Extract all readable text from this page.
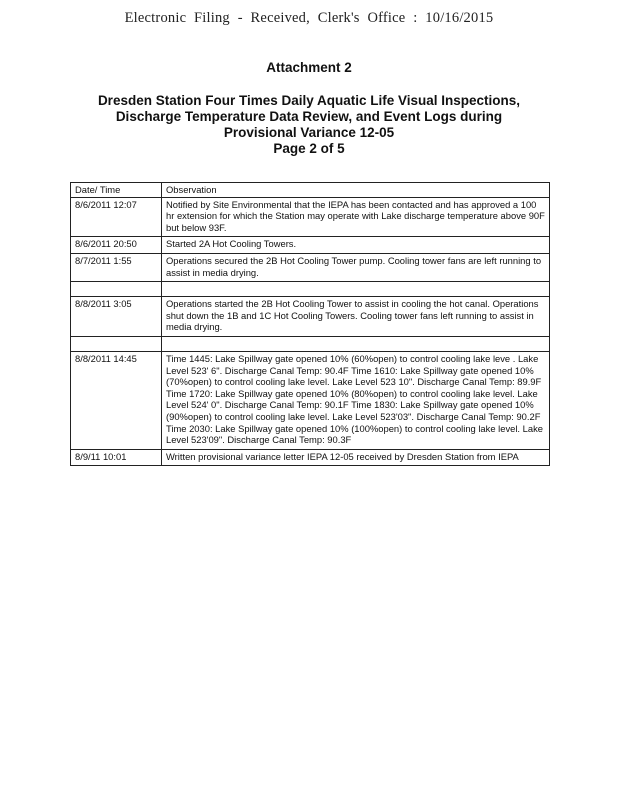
Electronic Filing - Received, Clerk's Office : 10/16/2015
Attachment 2
Dresden Station Four Times Daily Aquatic Life Visual Inspections,
Discharge Temperature Data Review, and Event Logs during
Provisional Variance 12-05
Page 2 of 5
Date/ Time	Observation
8/6/2011 12:07	Notified by Site Environmental that the IEPA has been contacted and has approved a 100 hr extension for which the Station may operate with Lake discharge temperature above 90F but below 93F.
8/6/2011 20:50	Started 2A Hot Cooling Towers.
8/7/2011 1:55	Operations secured the 2B Hot Cooling Tower pump. Cooling tower fans are left running to assist in media drying.

8/8/2011 3:05	Operations started the 2B Hot Cooling Tower to assist in cooling the hot canal. Operations shut down the 1B and 1C Hot Cooling Towers. Cooling tower fans left running to assist in media drying.

8/8/2011 14:45	Time 1445: Lake Spillway gate opened 10% (60%open) to control cooling lake leve . Lake Level 523' 6". Discharge Canal Temp: 90.4F Time 1610: Lake Spillway gate opened 10% (70%open) to control cooling lake level. Lake Level 523 10". Discharge Canal Temp: 89.9F Time 1720: Lake Spillway gate opened 10% (80%open) to control cooling lake level. Lake Level 524' 0". Discharge Canal Temp: 90.1F Time 1830: Lake Spillway gate opened 10% (90%open) to control cooling lake level. Lake Level 523'03". Discharge Canal Temp: 90.2F Time 2030: Lake Spillway gate opened 10% (100%open) to control cooling lake level. Lake Level 523'09". Discharge Canal Temp: 90.3F
8/9/11 10:01	Written provisional variance letter IEPA 12-05 received by Dresden Station from IEPA
